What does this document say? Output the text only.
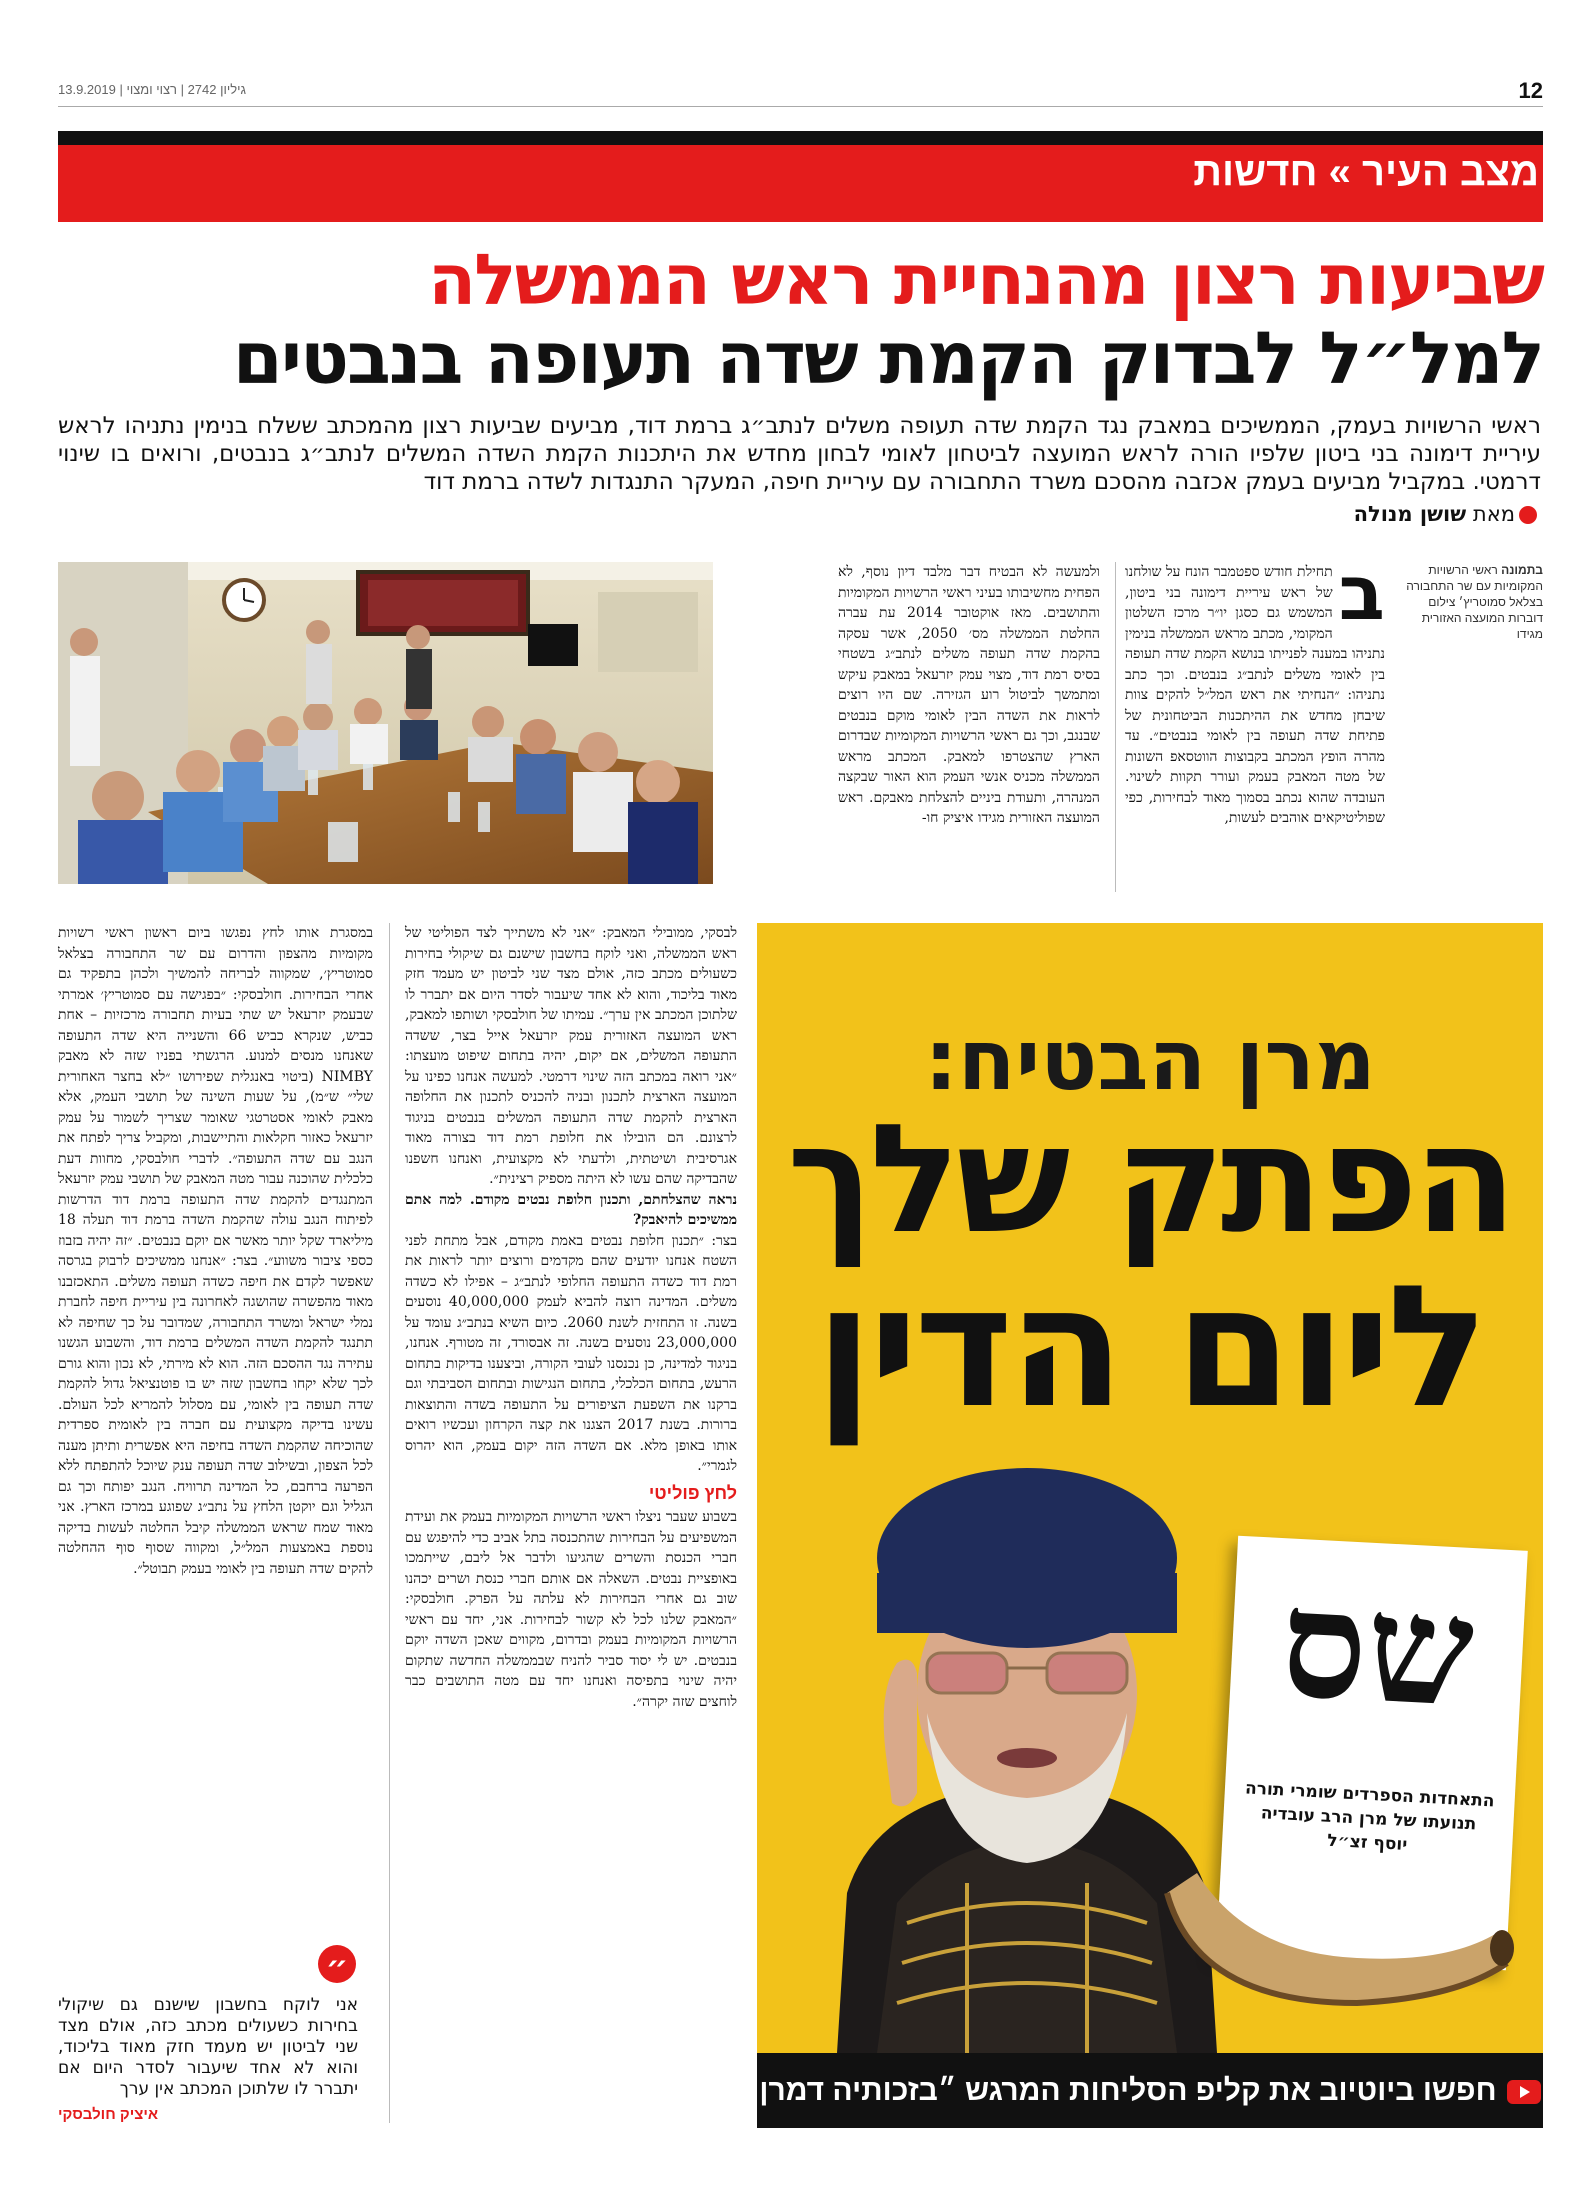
12
13.9.2019 | גיליון 2742 | רצוי ומצוי
מצב העיר » חדשות
שביעות רצון מהנחיית ראש הממשלה
למל״ל לבדוק הקמת שדה תעופה בנבטים
ראשי הרשויות בעמק, הממשיכים במאבק נגד הקמת שדה תעופה משלים לנתב״ג ברמת דוד, מביעים שביעות רצון מהמכתב ששלח בנימין נתניהו לראש עיריית דימונה בני ביטון שלפיו הורה לראש המועצה לביטחון לאומי לבחון מחדש את היתכנות הקמת השדה המשלים לנתב״ג בנבטים, ורואים בו שינוי דרמטי. במקביל מביעים בעמק אכזבה מהסכם משרד התחבורה עם עיריית חיפה, המעקר התנגדות לשדה ברמת דוד
מאת שושן מנולה
בתמונה ראשי הרשויות המקומיות עם שר התחבורה בצלאל סמוטריץ׳ צילום דוברות המועצה האזורית מגידו
ב
תחילת חודש ספטמבר הונח על שולחנו של ראש עיריית דימונה בני ביטון, המשמש גם כסגן יו״ר מרכז השלטון המקומי, מכתב מראש הממשלה בנימין נתניהו במענה לפנייתו בנושא הקמת שדה תעופה בין לאומי משלים לנתב״ג בנבטים. וכך כתב נתניהו: ״הנחיתי את ראש המל״ל להקים צוות שיבחן מחדש את ההיתכנות הביטחונית של פתיחת שדה תעופה בין לאומי בנבטים״. עד מהרה הופץ המכתב בקבוצות הווטסאפ השונות של מטה המאבק בעמק ועורר תקוות לשינוי. העובדה שהוא נכתב בסמוך מאוד לבחירות, כפי שפוליטיקאים אוהבים לעשות,
ולמעשה לא הבטיח דבר מלבד דיון נוסף, לא הפחית מחשיבותו בעיני ראשי הרשויות המקומיות והתושבים. מאז אוקטובר 2014 עת עברה החלטת הממשלה מס׳ 2050, אשר עסקה בהקמת שדה תעופה משלים לנתב״ג בשטחי בסיס רמת דוד, מצוי עמק יזרעאל במאבק עיקש ומתמשך לביטול רוע הגזירה. שם היו רוצים לראות את השדה הבין לאומי מוקם בנבטים שבנגב, וכך גם ראשי הרשויות המקומיות שבדרום הארץ שהצטרפו למאבק. המכתב מראש הממשלה מכניס אנשי העמק הוא האור שבקצה המנהרה, ותעודת ביניים להצלחת מאבקם. ראש המועצה האזורית מגידו איציק חו-
במסגרת אותו לחץ נפגשו ביום ראשון ראשי רשויות מקומיות מהצפון והדרום עם שר התחבורה בצלאל סמוטריץ׳, שמקווה לבריחה להמשיך ולכהן בתפקיד גם אחרי הבחירות. חולבסקי: ״בפגישה עם סמוטריץ׳ אמרתי שבעמק יזרעאל יש שתי בעיות תחבורה מרכזיות – אחת כביש, שנקרא כביש 66 והשנייה היא שדה התעופה שאנחנו מנסים למנוע. הרגשתי בפניו שזה לא מאבק NIMBY (ביטוי באנגלית שפירושו ״לא בחצר האחורית שלי״ ש״מ), על שעות השינה של תושבי העמק, אלא מאבק לאומי אסטרטגי שאומר שצריך לשמור על עמק יזרעאל כאזור חקלאות והתיישבות, ומקביל צריך לפתח את הנגב עם שדה התעופה״. לדברי חולבסקי, מחוות דעת כלכלית שהוכנה עבור מטה המאבק של תושבי עמק יזרעאל המתנגדים להקמת שדה התעופה ברמת דוד הדרשות לפיתוח הנגב עולה שהקמת השדה ברמת דוד תעלה 18 מיליארד שקל יותר מאשר אם יוקם בנבטים. ״זה יהיה בזבוז כספי ציבור משווע״. בצר: ״אנחנו ממשיכים לרבוק בגרסה שאפשר לקדם את חיפה כשדה תעופה משלים. התאכזבנו מאוד מהפשרה שהושגה לאחרונה בין עיריית חיפה לחברת נמלי ישראל ומשרד התחבורה, שמדובר על כך שחיפה לא תתנגד להקמת השדה המשלים ברמת דוד, והשבוע הגשנו עתירה נגד ההסכם הזה. הוא לא מירתי, לא נכון והוא גורם לכך שלא יקחו בחשבון שזה יש בו פוטנציאל גדול להקמת שדה תעופה בין לאומי, עם מסלול להמריא לכל העולם. עשינו בדיקה מקצועית עם חברה בין לאומית ספרדית שהוכיחה שהקמת השדה בחיפה היא אפשרית ותיתן מענה לכל הצפון, ובשילוב שדה תעופה ענק שיוכל להתפתח ללא הפרעה ברחבם, כל המדינה תרוויח. הנגב יפותח וכך גם הגליל וגם יוקטן הלחץ על נתב״ג שפוגע במרכז הארץ. אני מאוד שמח שראש הממשלה קיבל החלטה לעשות בדיקה נוספת באמצעות המל״ל, ומקווה שסוף סוף ההחלטה להקים שדה תעופה בין לאומי בעמק תבוטל״.

לבסקי, ממובילי המאבק: ״אני לא משתייך לצד הפוליטי של ראש הממשלה, ואני לוקח בחשבון שישנם גם שיקולי בחירות כשעולים מכתב כזה, אולם מצד שני לביטון יש מעמד חזק מאוד בליכוד, והוא לא אחד שיעבור לסדר היום אם יתברר לו שלתוכן המכתב אין ערך״. עמיתו של חולבסקי ושותפו למאבק, ראש המועצה האזורית עמק יזרעאל אייל בצר, ששדה התעופה המשלים, אם יקום, יהיה בתחום שיפוט מועצתו: ״אני רואה במכתב הזה שינוי דרמטי. למעשה אנחנו כפינו על המועצה הארצית לתכנון ובניה להכניס לתכנון את החלופה הארצית להקמת שדה התעופה המשלים בנבטים בניגוד לרצונם. הם הובילו את חלופת רמת דוד בצורה מאוד אגרסיבית ושיטתית, ולדעתי לא מקצועית, ואנחנו חשפנו שהבדיקה שהם עשו לא היתה מספיק רצינית״.

נראה שהצלחתם, ותכנון חלופת נבטים מקודם. למה אתם ממשיכים להיאבק?

בצר: ״תכנון חלופת נבטים באמת מקודם, אבל מתחת לפני השטח אנחנו יודעים שהם מקדמים ורוצים יותר לראות את רמת דוד כשדה התעופה החלופי לנתב״ג – אפילו לא כשדה משלים. המדינה רוצה להביא לעמק 40,000,000 נוסעים בשנה. זו התחזית לשנת 2060. כיום השיא בנתב״ג עומד על 23,000,000 נוסעים בשנה. זה אבסורד, זה מטורף. אנחנו, בניגוד למדינה, כן נכנסנו לעובי הקורה, וביצענו בדיקות בתחום הרעש, בתחום הכלכלי, בתחום הנגישות ובתחום הסביבתי וגם ברקנו את השפעת הציפורים על התעופה בשדה והתוצאות ברורות. בשנת 2017 הצגנו את קצה הקרחון ועכשיו רואים אותו באופן מלא. אם השדה הזה יקום בעמק, הוא יהרוס לגמרי״.

לחץ פוליטי

בשבוע שעבר ניצלו ראשי הרשויות המקומיות בעמק את ועידת המשפיעים על הבחירות שהתכנסה בתל אביב כדי להיפגש עם חברי הכנסת והשרים שהגיעו ולדבר אל ליבם, שייתמכו באופציית נבטים. השאלה אם אותם חברי כנסת ושרים יכהנו שוב גם אחרי הבחירות לא עלתה על הפרק. חולבסקי: ״המאבק שלנו לכל לא קשור לבחירות. אני, יחד עם ראשי הרשויות המקומיות בעמק ובדרום, מקווים שאכן השדה יוקם בנבטים. יש לי יסוד סביר להניח שבממשלה החדשה שתקום יהיה שינוי בתפיסה ואנחנו יחד עם מטה התושבים כבר לוחצים שזה יקרה״.

״
אני לוקח בחשבון שישנם גם שיקולי בחירות כשעולים מכתב כזה, אולם מצד שני לביטון יש מעמד חזק מאוד בליכוד, והוא לא אחד שיעבור לסדר היום אם יתברר לו שלתוכן המכתב אין ערך
איציק חולבסקי
מרן הבטיח:
הפתק שלך
ליום הדין
שס
התאחדות הספרדים שומרי תורה תנועתו של מרן הרב עובדיה יוסף זצ״ל
חפשו ביוטיוב את קליפ הסליחות המרגש ״בזכותיה דמרן עננו״
